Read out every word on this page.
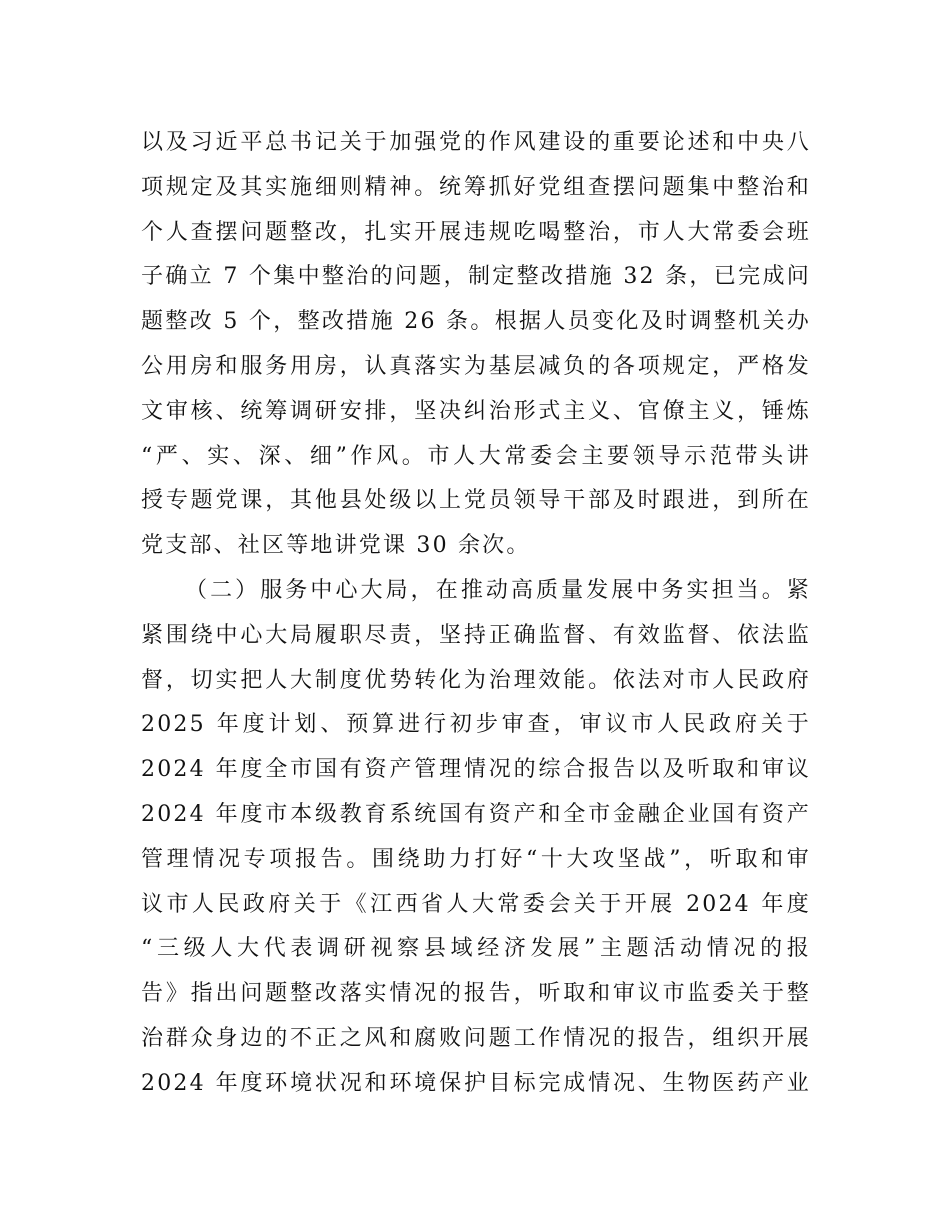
以及习近平总书记关于加强党的作风建设的重要论述和中央八
项规定及其实施细则精神。统筹抓好党组查摆问题集中整治和
个人查摆问题整改，扎实开展违规吃喝整治，市人大常委会班
子确立 7 个集中整治的问题，制定整改措施 32 条，已完成问
题整改 5 个，整改措施 26 条。根据人员变化及时调整机关办
公用房和服务用房，认真落实为基层减负的各项规定，严格发
文审核、统筹调研安排，坚决纠治形式主义、官僚主义，锤炼
“严、实、深、细”作风。市人大常委会主要领导示范带头讲
授专题党课，其他县处级以上党员领导干部及时跟进，到所在
党支部、社区等地讲党课 30 余次。
（二）服务中心大局，在推动高质量发展中务实担当。紧
紧围绕中心大局履职尽责，坚持正确监督、有效监督、依法监
督，切实把人大制度优势转化为治理效能。依法对市人民政府
2025 年度计划、预算进行初步审查，审议市人民政府关于
2024 年度全市国有资产管理情况的综合报告以及听取和审议
2024 年度市本级教育系统国有资产和全市金融企业国有资产
管理情况专项报告。围绕助力打好“十大攻坚战”，听取和审
议市人民政府关于《江西省人大常委会关于开展 2024 年度
“三级人大代表调研视察县域经济发展”主题活动情况的报
告》指出问题整改落实情况的报告，听取和审议市监委关于整
治群众身边的不正之风和腐败问题工作情况的报告，组织开展
2024 年度环境状况和环境保护目标完成情况、生物医药产业
